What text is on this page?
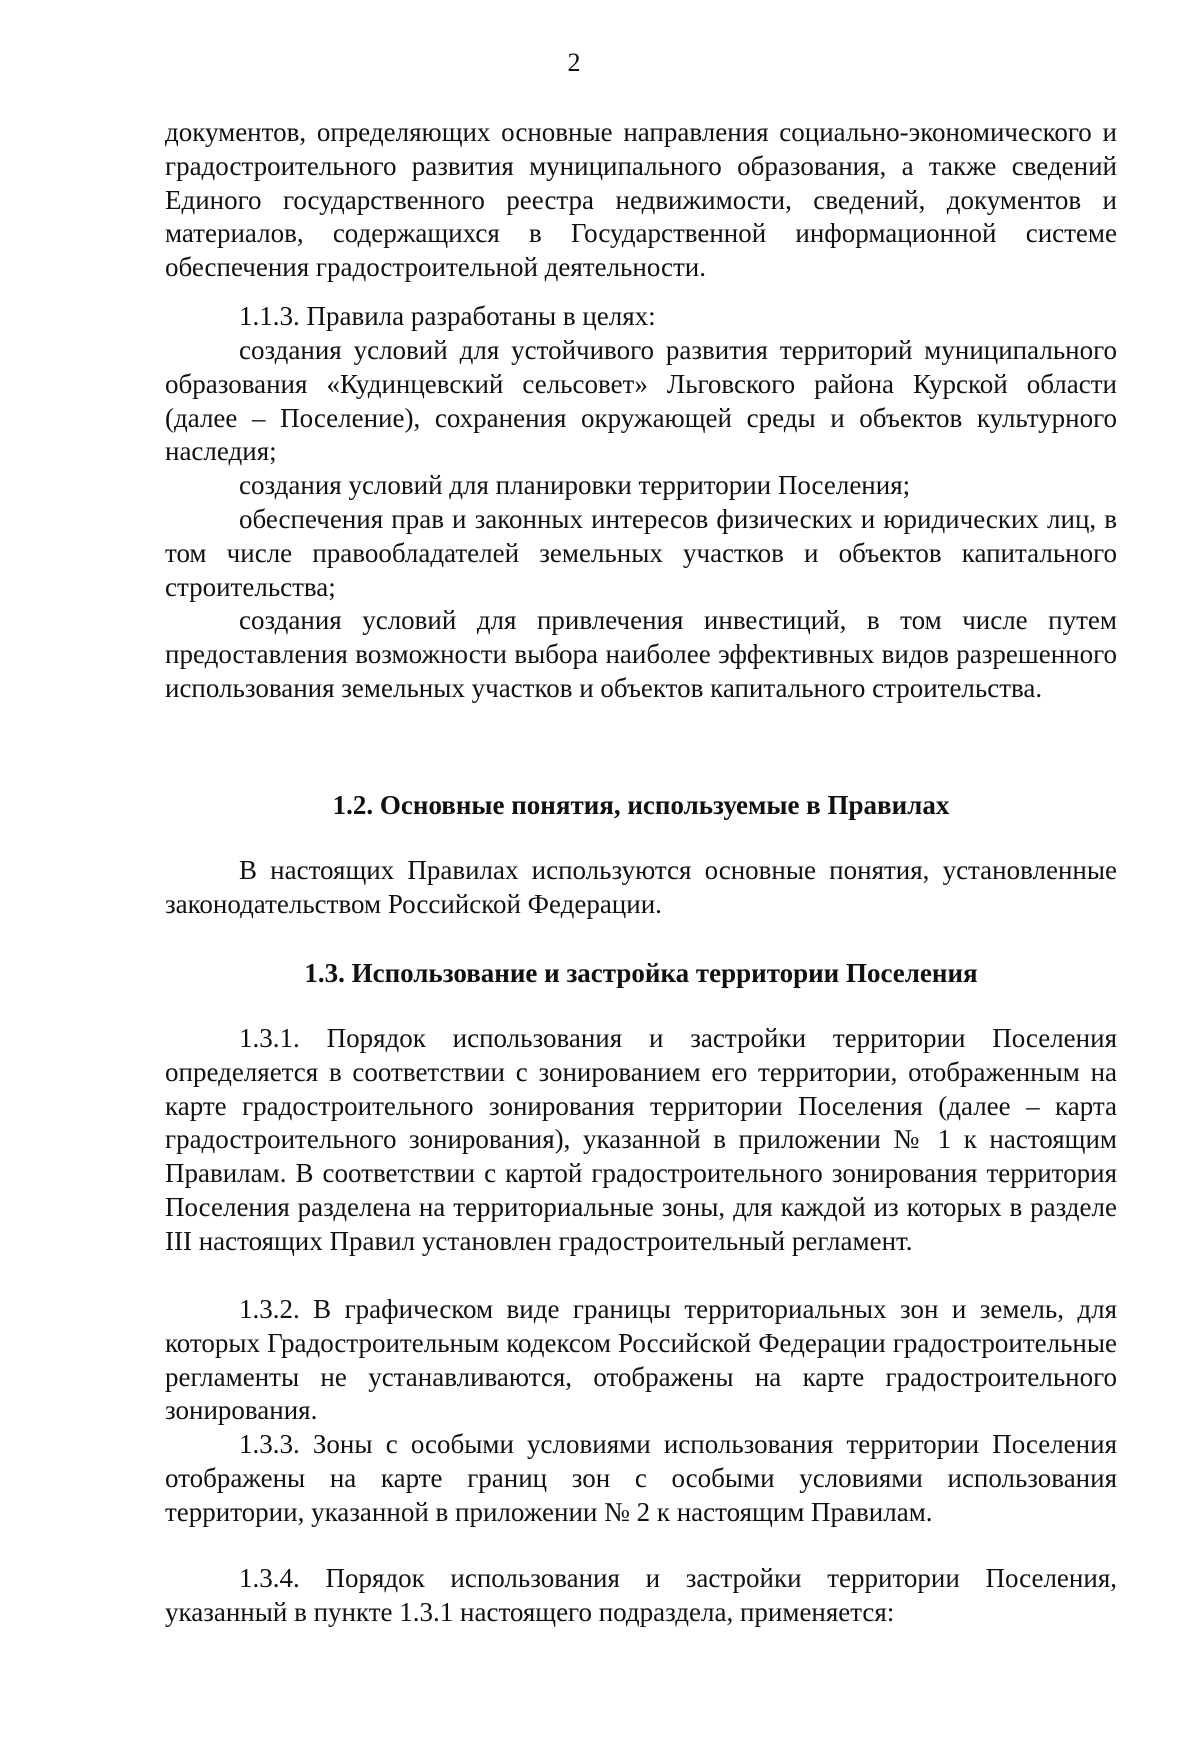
2

документов, определяющих основные направления социально-экономического и градостроительного развития муниципального образования, а также сведений Единого государственного реестра недвижимости, сведений, документов и материалов, содержащихся в Государственной информационной системе обеспечения градостроительной деятельности.

1.1.3. Правила разработаны в целях:

создания условий для устойчивого развития территорий муниципального образования «Кудинцевский сельсовет» Льговского района Курской области (далее – Поселение), сохранения окружающей среды и объектов культурного наследия;

создания условий для планировки территории Поселения;

обеспечения прав и законных интересов физических и юридических лиц, в том числе правообладателей земельных участков и объектов капитального строительства;

создания условий для привлечения инвестиций, в том числе путем предоставления возможности выбора наиболее эффективных видов разрешенного использования земельных участков и объектов капитального строительства.

1.2. Основные понятия, используемые в Правилах

В настоящих Правилах используются основные понятия, установленные законодательством Российской Федерации.

1.3. Использование и застройка территории Поселения

1.3.1. Порядок использования и застройки территории Поселения определяется в соответствии с зонированием его территории, отображенным на карте градостроительного зонирования территории Поселения (далее – карта градостроительного зонирования), указанной в приложении № 1 к настоящим Правилам. В соответствии с картой градостроительного зонирования территория Поселения разделена на территориальные зоны, для каждой из которых в разделе III настоящих Правил установлен градостроительный регламент.

1.3.2. В графическом виде границы территориальных зон и земель, для которых Градостроительным кодексом Российской Федерации градостроительные регламенты не устанавливаются, отображены на карте градостроительного зонирования.

1.3.3. Зоны с особыми условиями использования территории Поселения отображены на карте границ зон с особыми условиями использования территории, указанной в приложении № 2 к настоящим Правилам.

1.3.4. Порядок использования и застройки территории Поселения, указанный в пункте 1.3.1 настоящего подраздела, применяется:
